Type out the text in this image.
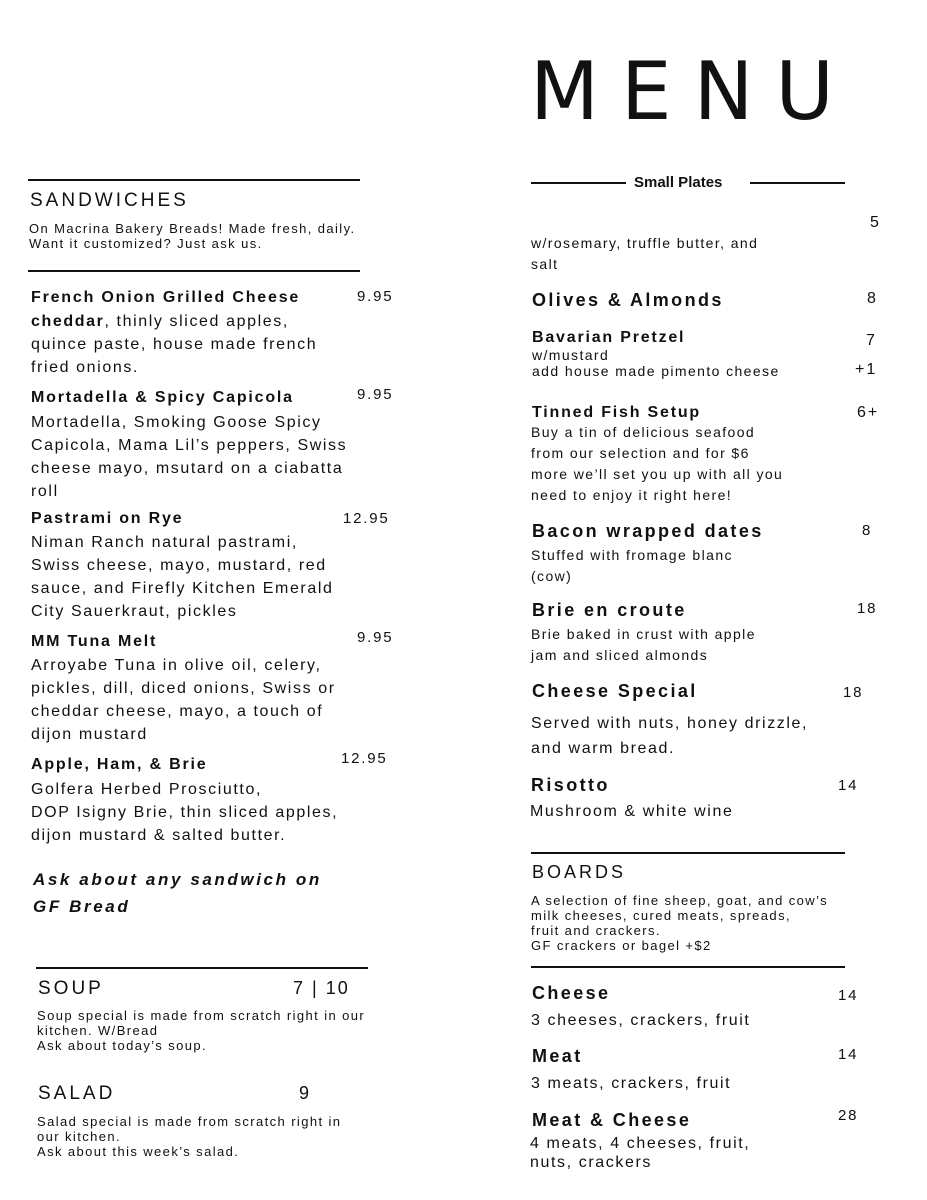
MENU
SANDWICHES
On Macrina Bakery Breads! Made fresh, daily.
Want it customized? Just ask us.
French Onion Grilled Cheese	9.95
cheddar, thinly sliced apples,
quince paste, house made french
fried onions.
Mortadella & Spicy Capicola	9.95
Mortadella, Smoking Goose Spicy
Capicola, Mama Lil’s peppers, Swiss
cheese mayo, msutard on a ciabatta
roll
Pastrami on Rye	12.95
Niman Ranch natural pastrami,
Swiss cheese, mayo, mustard, red
sauce, and Firefly Kitchen Emerald
City Sauerkraut, pickles
MM Tuna Melt	9.95
Arroyabe Tuna in olive oil, celery,
pickles, dill, diced onions, Swiss or
cheddar cheese, mayo, a touch of
dijon mustard
Apple, Ham, & Brie	12.95
Golfera Herbed Prosciutto,
DOP Isigny Brie, thin sliced apples,
dijon mustard & salted butter.
Ask about any sandwich on
GF Bread
SOUP	7 | 10
Soup special is made from scratch right in our
kitchen. W/Bread
Ask about today’s soup.
SALAD	9
Salad special is made from scratch right in
our kitchen.
Ask about this week’s salad.
Small Plates
5
w/rosemary, truffle butter, and
salt
Olives & Almonds	8
Bavarian Pretzel	7
w/mustard
add house made pimento cheese	+1
Tinned Fish Setup	6+
Buy a tin of delicious seafood
from our selection and for $6
more we’ll set you up with all you
need to enjoy it right here!
Bacon wrapped dates	8
Stuffed with fromage blanc
(cow)
Brie en croute	18
Brie baked in crust with apple
jam and sliced almonds
Cheese Special	18
Served with nuts, honey drizzle,
and warm bread.
Risotto	14
Mushroom & white wine
BOARDS
A selection of fine sheep, goat, and cow’s
milk cheeses, cured meats, spreads,
fruit and crackers.
GF crackers or bagel +$2
Cheese	14
3 cheeses, crackers, fruit
Meat	14
3 meats, crackers, fruit
Meat & Cheese	28
4 meats, 4 cheeses, fruit,
nuts, crackers
